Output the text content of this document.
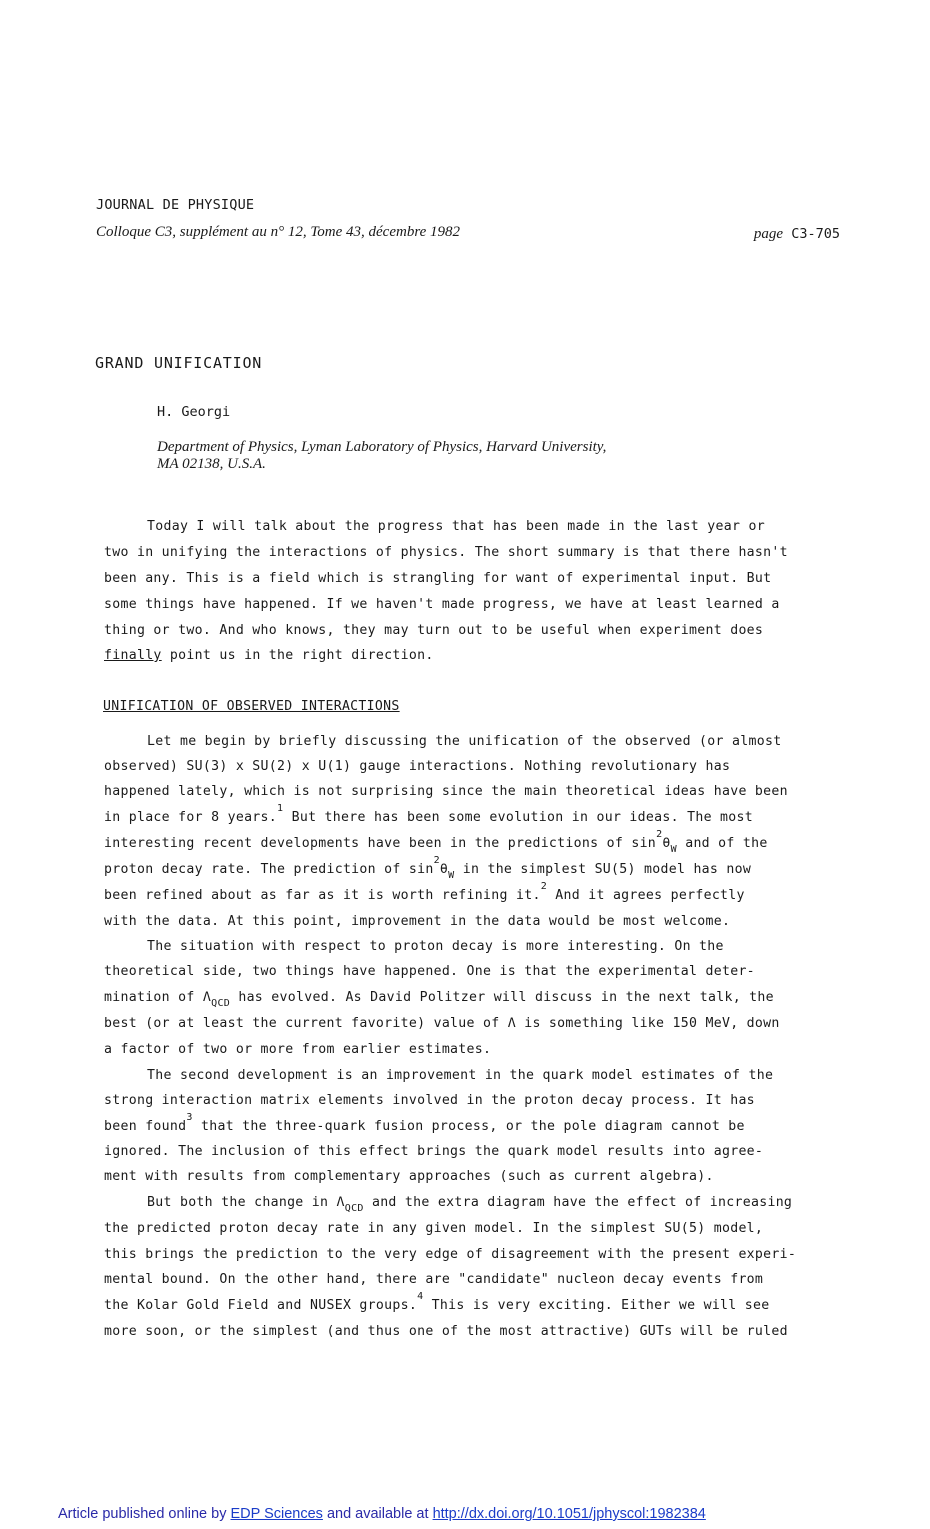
JOURNAL DE PHYSIQUE
Colloque C3, supplément au n° 12, Tome 43, décembre 1982	page C3-705
GRAND UNIFICATION
H. Georgi
Department of Physics, Lyman Laboratory of Physics, Harvard University,
MA 02138, U.S.A.
Today I will talk about the progress that has been made in the last year or
two in unifying the interactions of physics. The short summary is that there hasn't
been any. This is a field which is strangling for want of experimental input. But
some things have happened. If we haven't made progress, we have at least learned a
thing or two. And who knows, they may turn out to be useful when experiment does
finally point us in the right direction.
UNIFICATION OF OBSERVED INTERACTIONS
Let me begin by briefly discussing the unification of the observed (or almost
observed) SU(3) x SU(2) x U(1) gauge interactions. Nothing revolutionary has
happened lately, which is not surprising since the main theoretical ideas have been
in place for 8 years.$^1$ But there has been some evolution in our ideas. The most
interesting recent developments have been in the predictions of $\sin^2\theta_W$ and of the
proton decay rate. The prediction of $\sin^2\theta_W$ in the simplest SU(5) model has now
been refined about as far as it is worth refining it.$^2$ And it agrees perfectly
with the data. At this point, improvement in the data would be most welcome.
The situation with respect to proton decay is more interesting. On the
theoretical side, two things have happened. One is that the experimental deter-
mination of $\Lambda_{QCD}$ has evolved. As David Politzer will discuss in the next talk, the
best (or at least the current favorite) value of Λ is something like 150 MeV, down
a factor of two or more from earlier estimates.
The second development is an improvement in the quark model estimates of the
strong interaction matrix elements involved in the proton decay process. It has
been found$^3$ that the three-quark fusion process, or the pole diagram cannot be
ignored. The inclusion of this effect brings the quark model results into agree-
ment with results from complementary approaches (such as current algebra).
But both the change in $\Lambda_{QCD}$ and the extra diagram have the effect of increasing
the predicted proton decay rate in any given model. In the simplest SU(5) model,
this brings the prediction to the very edge of disagreement with the present experi-
mental bound. On the other hand, there are "candidate" nucleon decay events from
the Kolar Gold Field and NUSEX groups.$^4$ This is very exciting. Either we will see
more soon, or the simplest (and thus one of the most attractive) GUTs will be ruled
Article published online by EDP Sciences and available at http://dx.doi.org/10.1051/jphyscol:1982384
